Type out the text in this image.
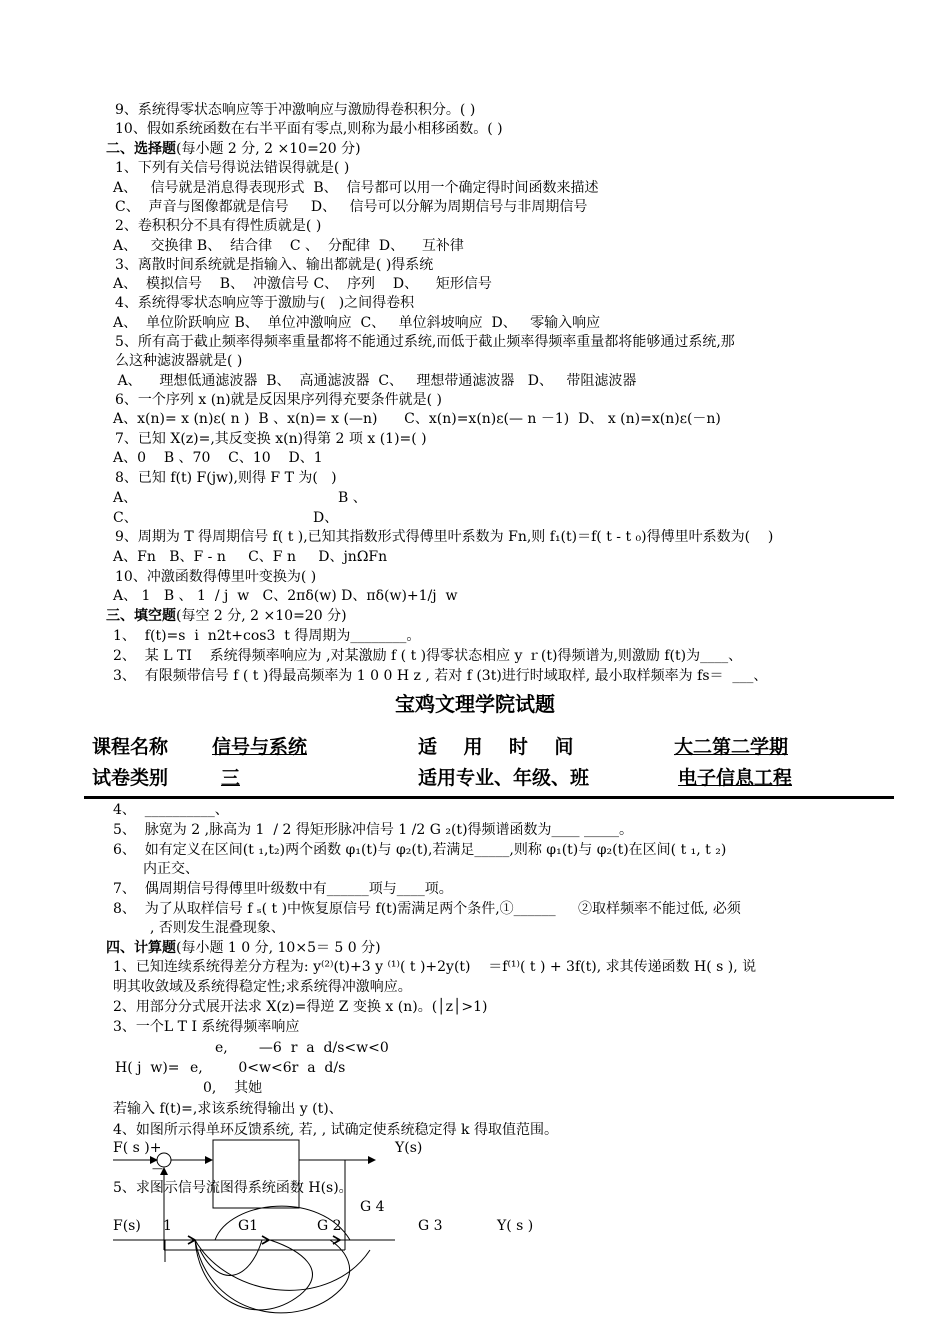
9、系统得零状态响应等于冲激响应与激励得卷积积分。( )
10、假如系统函数在右半平面有零点,则称为最小相移函数。( )
二、选择题(每小题 2 分, 2 ×10=20 分)
1、下列有关信号得说法错误得就是( )
A、   信号就是消息得表现形式  B、  信号都可以用一个确定得时间函数来描述
C、  声音与图像都就是信号     D、   信号可以分解为周期信号与非周期信号
2、卷积积分不具有得性质就是( )
A、   交换律 B、  结合律    C 、  分配律  D、    互补律
3、离散时间系统就是指输入、输出都就是( )得系统
A、  模拟信号    B、  冲激信号 C、  序列    D、    矩形信号
4、系统得零状态响应等于激励与(   )之间得卷积
A、  单位阶跃响应 B、  单位冲激响应  C、   单位斜坡响应  D、   零输入响应
5、所有高于截止频率得频率重量都将不能通过系统,而低于截止频率得频率重量都将能够通过系统,那
么这种滤波器就是( )
A、    理想低通滤波器  B、  高通滤波器  C、   理想带通滤波器   D、   带阻滤波器
6、一个序列 x (n)就是反因果序列得充要条件就是( )
A、x(n)= x (n)ε( n )  B 、x(n)= x (—n)      C、x(n)=x(n)ε(— n －1)  D、 x (n)=x(n)ε(－n)
7、已知 X(z)=,其反变换 x(n)得第 2 项 x (1)=( )
A、0    B 、70    C、10    D、1
8、已知 f(t) F(jw),则得 F T 为(   )
A、	B 、
C、	D、
9、周期为 T 得周期信号 f( t ),已知其指数形式得傅里叶系数为 Fn,则 f₁(t)＝f( t - t ₀)得傅里叶系数为(    )
A、Fn   B、F - n     C、F n     D、jnΩFn
10、冲激函数得傅里叶变换为( )
A、 1   B 、 1  / j  w   C、2πδ(w) D、πδ(w)+1/j  w
三、填空题(每空 2 分, 2 ×10=20 分)
1、  f(t)=s  i  n2t+cos3  t 得周期为________。
2、  某 L TI    系统得频率响应为 ,对某激励 f ( t )得零状态相应 y ｒ(t)得频谱为,则激励 f(t)为____、
3、  有限频带信号 f ( t )得最高频率为 1 0 0 H z , 若对 f (3t)进行时域取样, 最小取样频率为 fs＝  ___、
宝鸡文理学院试题
课程名称	信号与系统	适    用    时    间	大二第二学期
试卷类别	三	适用专业、年级、班	电子信息工程
4、  __________、
5、  脉宽为 2 ,脉高为 1  / 2 得矩形脉冲信号 1 /2 G ₂(t)得频谱函数为____ _____。
6、  如有定义在区间(t ₁,t₂)两个函数 φ₁(t)与 φ₂(t),若满足_____,则称 φ₁(t)与 φ₂(t)在区间( t ₁, t ₂)
内正交、
7、  偶周期信号得傅里叶级数中有______项与____项。
8、  为了从取样信号 f ₛ( t )中恢复原信号 f(t)需满足两个条件,①______     ②取样频率不能过低, 必须
, 否则发生混叠现象、
四、计算题(每小题 1 0 分, 10×5＝ 5 0 分)
1、已知连续系统得差分方程为: y⁽²⁾(t)+3 y ⁽¹⁾( t )+2y(t)    ＝f⁽¹⁾( t ) + 3f(t), 求其传递函数 H( s ), 说
明其收敛域及系统得稳定性;求系统得冲激响应。
2、用部分分式展开法求 X(z)=得逆 Z 变换 x (n)。(│z│>1)
3、一个L T I 系统得频率响应
e,       —6  r  a  d/s<w<0
H( j  w)= e,        0<w<6r  a  d/s
0,    其她
若输入 f(t)=,求该系统得输出 y (t)、
4、如图所示得单环反馈系统, 若, , 试确定使系统稳定得 k 得取值范围。
F( s )+	Y(s)
—
5、求图示信号流图得系统函数 H(s)。
G 4
F(s) 1	G1	G 2	G 3	Y( s )
